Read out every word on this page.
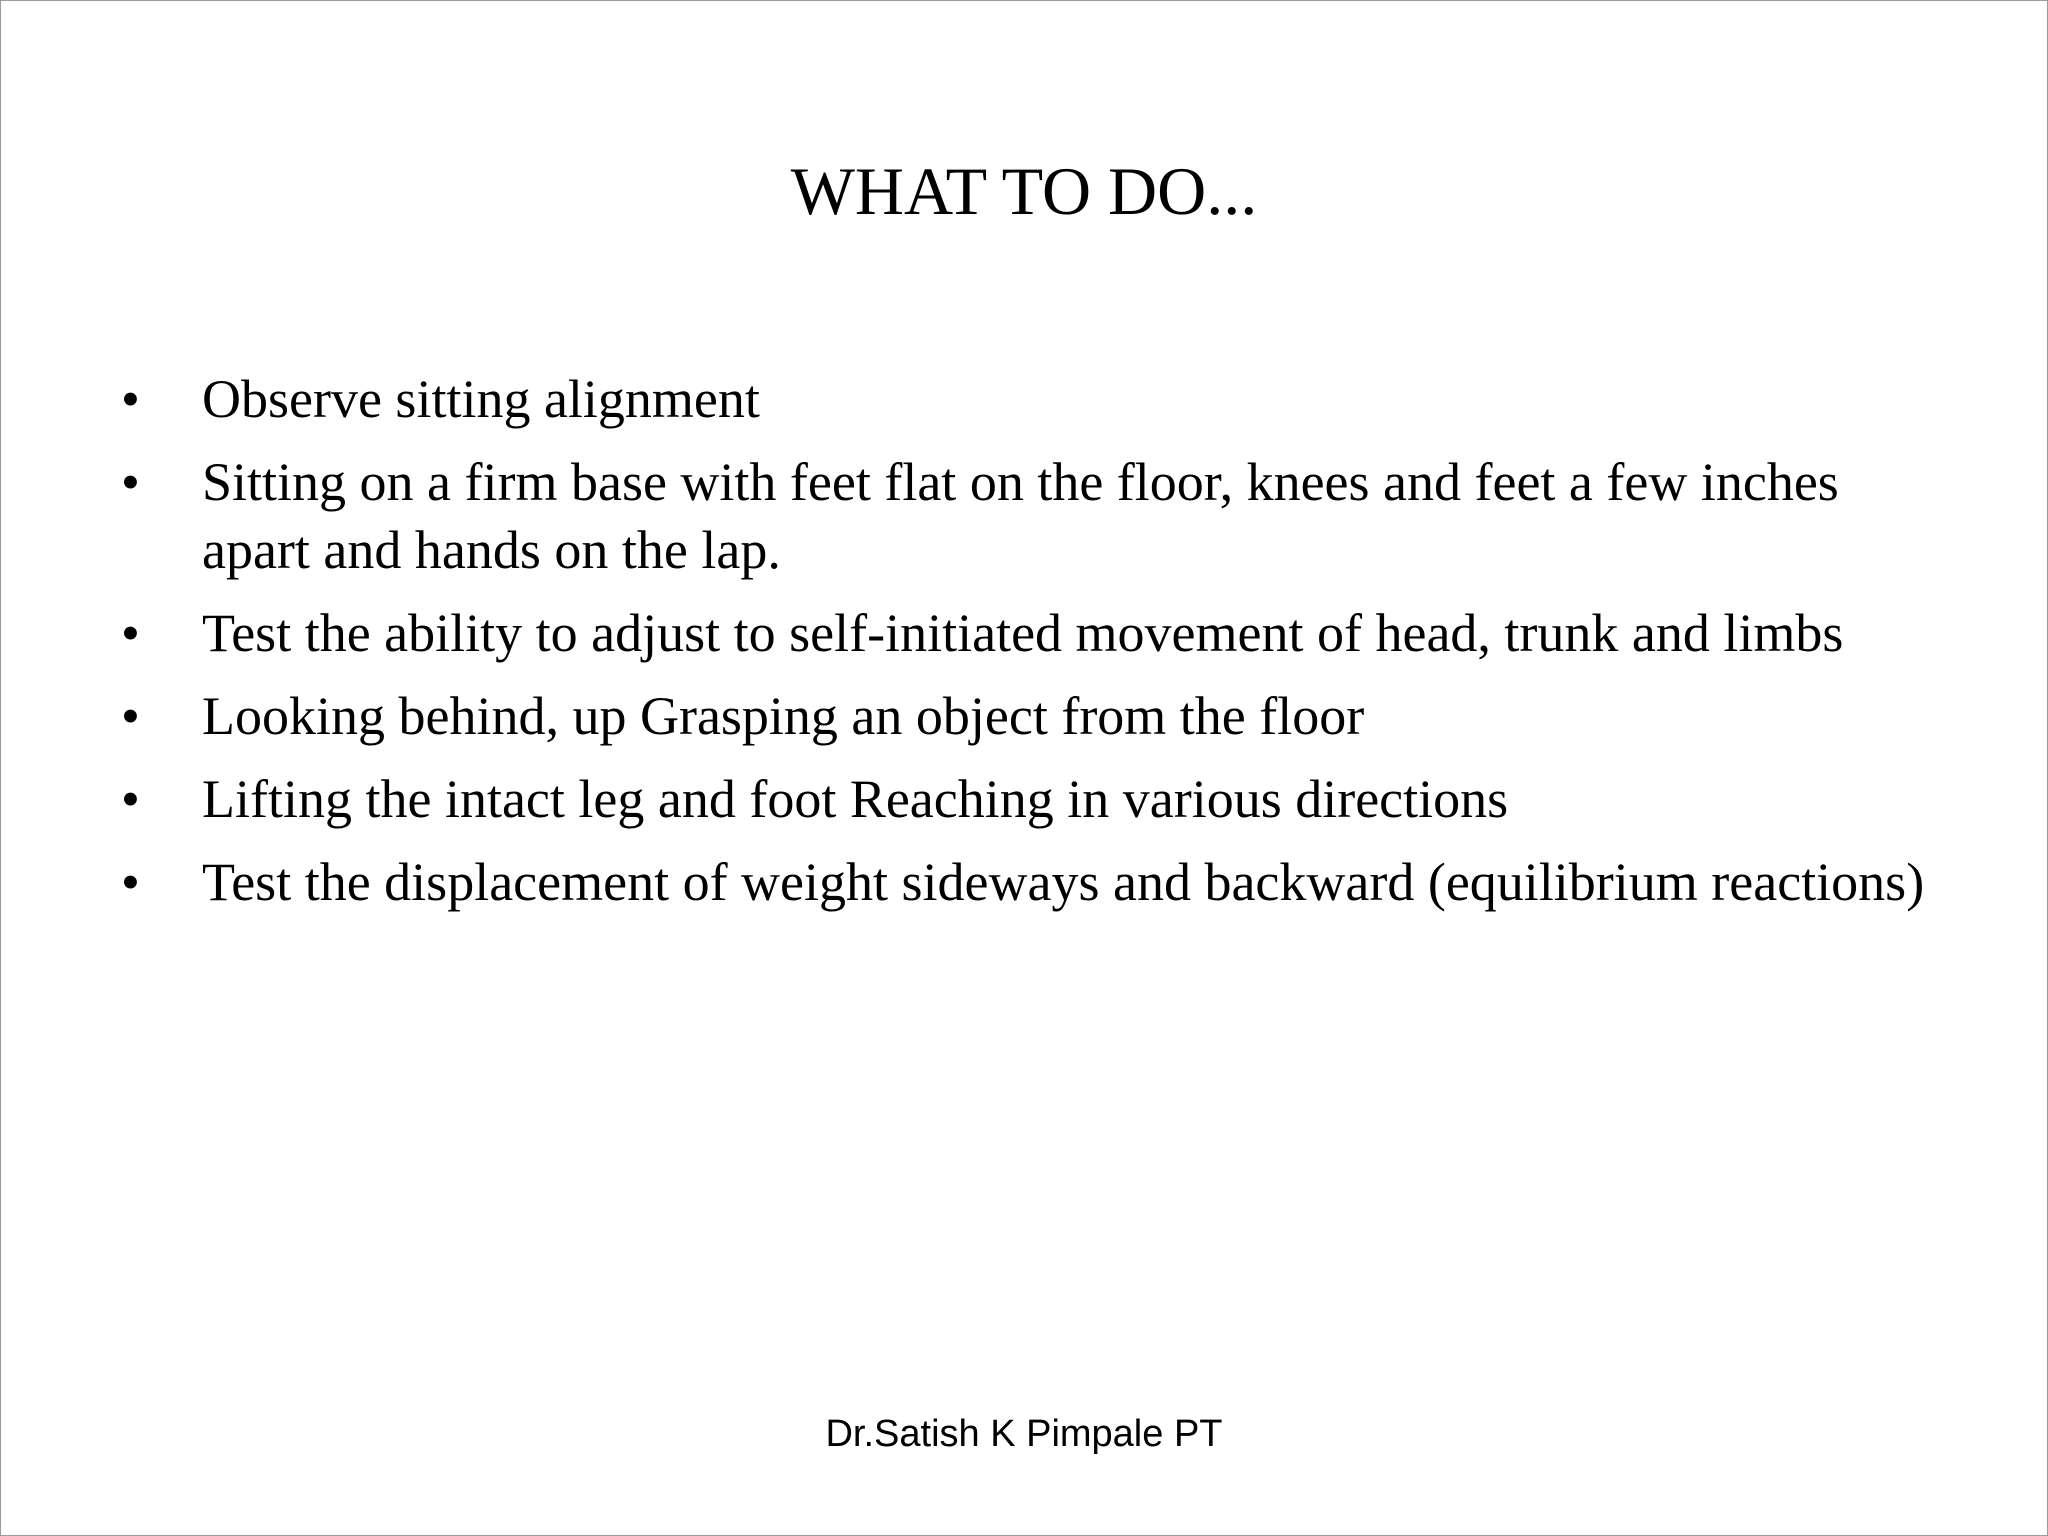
WHAT TO DO...
• Observe sitting alignment
• Sitting on a firm base with feet flat on the floor, knees and feet a few inches apart and hands on the lap.
• Test the ability to adjust to self-initiated movement of head, trunk and limbs
• Looking behind, up Grasping an object from the floor
• Lifting the intact leg and foot Reaching in various directions
• Test the displacement of weight sideways and backward (equilibrium reactions)
Dr.Satish K Pimpale PT
